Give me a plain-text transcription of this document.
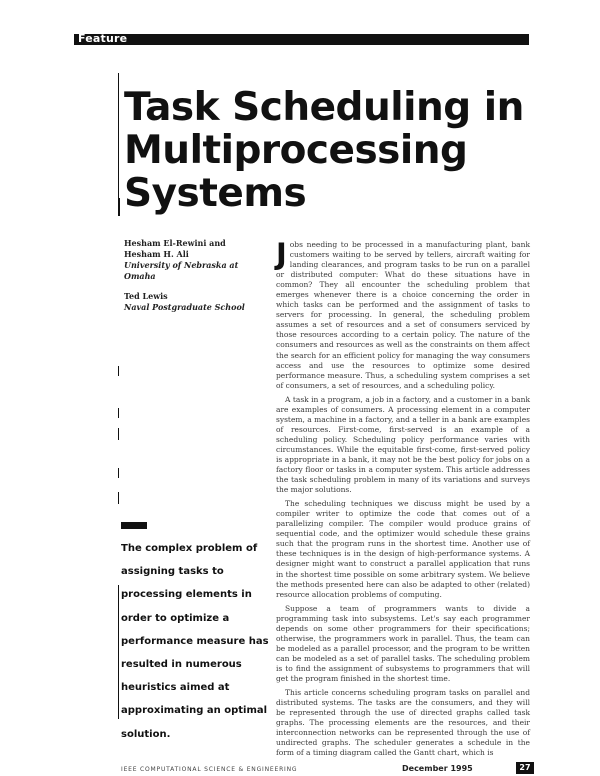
Feature
Task Scheduling in Multiprocessing Systems
Hesham El-Rewini and Hesham H. Ali
University of Nebraska at Omaha
Ted Lewis
Naval Postgraduate School

The complex problem of assigning tasks to processing elements in order to optimize a performance measure has resulted in numerous heuristics aimed at approximating an optimal solution.

Jobs needing to be processed in a manufacturing plant, bank customers waiting to be served by tellers, aircraft waiting for landing clearances, and program tasks to be run on a parallel or distributed computer: What do these situations have in common? They all encounter the scheduling problem that emerges whenever there is a choice concerning the order in which tasks can be performed and the assignment of tasks to servers for processing. In general, the scheduling problem assumes a set of resources and a set of consumers serviced by those resources according to a certain policy. The nature of the consumers and resources as well as the constraints on them affect the search for an efficient policy for managing the way consumers access and use the resources to optimize some desired performance measure. Thus, a scheduling system comprises a set of consumers, a set of resources, and a scheduling policy.

A task in a program, a job in a factory, and a customer in a bank are examples of consumers. A processing element in a computer system, a machine in a factory, and a teller in a bank are examples of resources. First-come, first-served is an example of a scheduling policy. Scheduling policy performance varies with circumstances. While the equitable first-come, first-served policy is appropriate in a bank, it may not be the best policy for jobs on a factory floor or tasks in a computer system. This article addresses the task scheduling problem in many of its variations and surveys the major solutions.

The scheduling techniques we discuss might be used by a compiler writer to optimize the code that comes out of a parallelizing compiler. The compiler would produce grains of sequential code, and the optimizer would schedule these grains such that the program runs in the shortest time. Another use of these techniques is in the design of high-performance systems. A designer might want to construct a parallel application that runs in the shortest time possible on some arbitrary system. We believe the methods presented here can also be adapted to other (related) resource allocation problems of computing.

Suppose a team of programmers wants to divide a programming task into subsystems. Let's say each programmer depends on some other programmers for their specifications; otherwise, the programmers work in parallel. Thus, the team can be modeled as a parallel processor, and the program to be written can be modeled as a set of parallel tasks. The scheduling problem is to find the assignment of subsystems to programmers that will get the program finished in the shortest time.

This article concerns scheduling program tasks on parallel and distributed systems. The tasks are the consumers, and they will be represented through the use of directed graphs called task graphs. The processing elements are the resources, and their interconnection networks can be represented through the use of undirected graphs. The scheduler generates a schedule in the form of a timing diagram called the Gantt chart, which is

IEEE COMPUTATIONAL SCIENCE & ENGINEERING	December 1995	27
